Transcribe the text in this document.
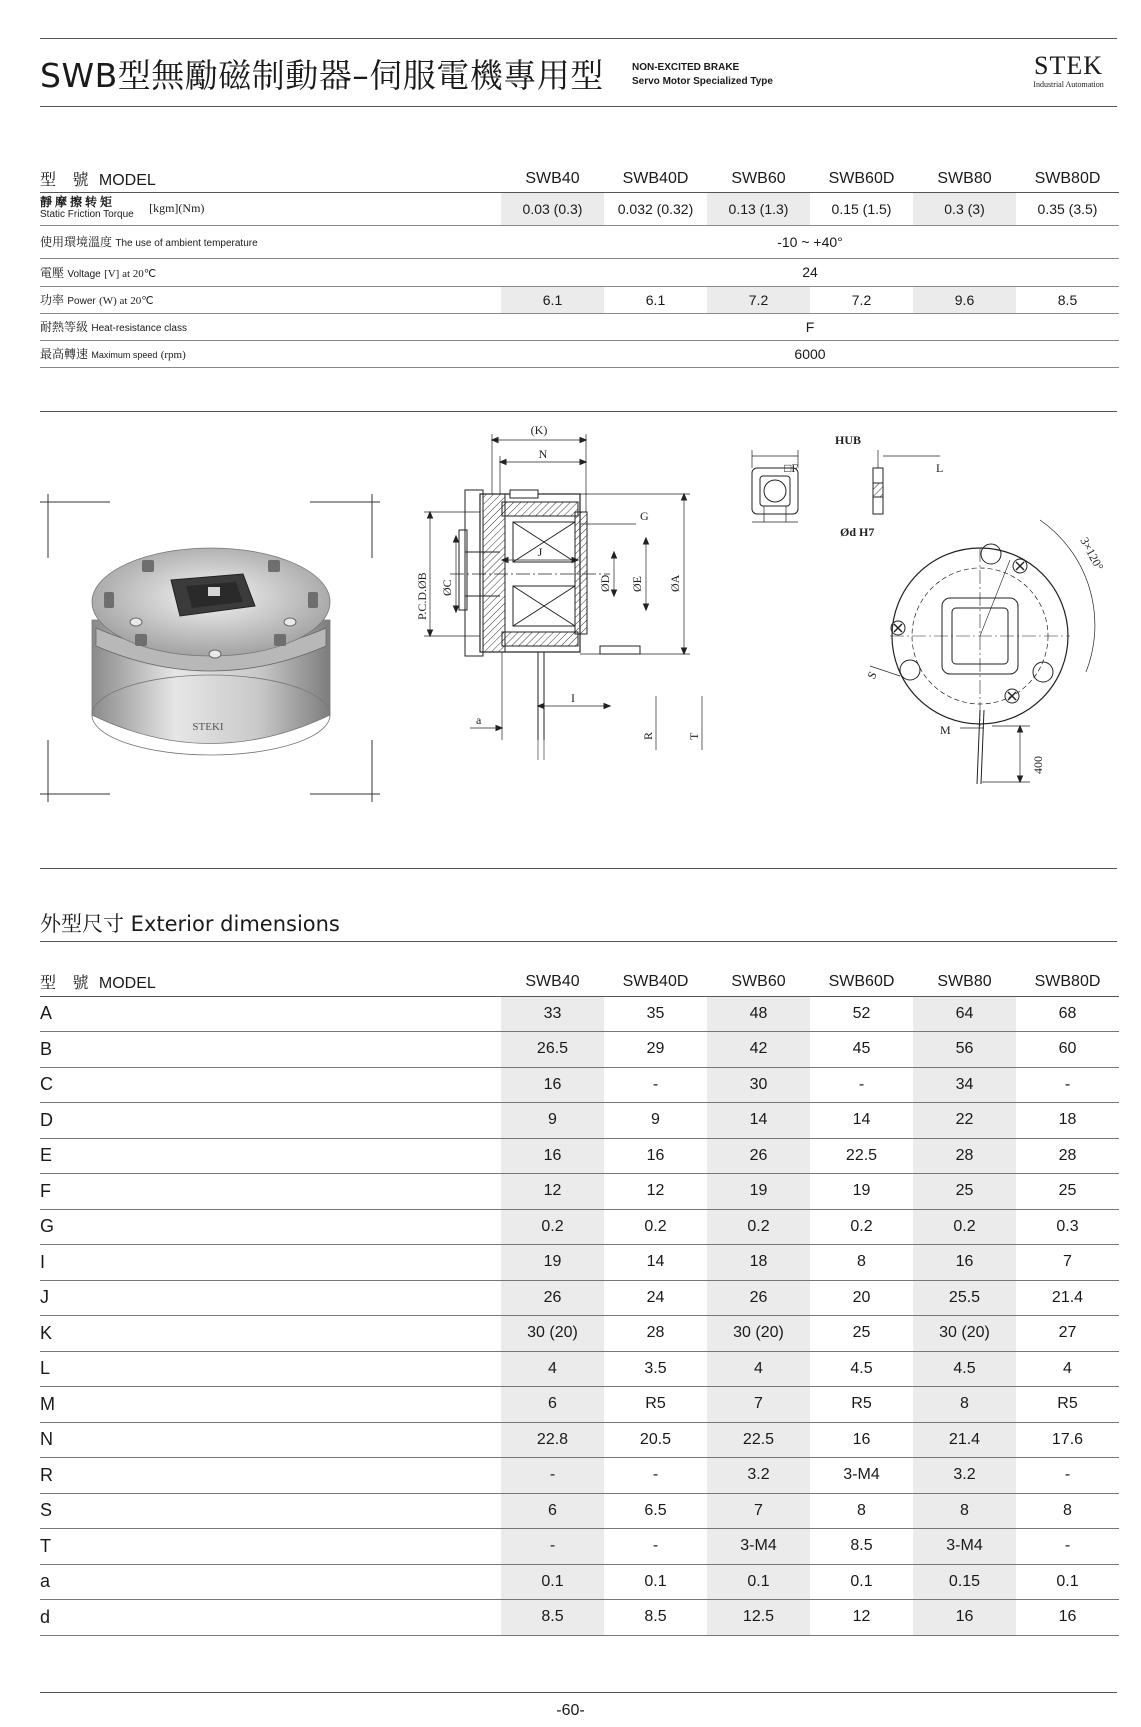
SWB型無勵磁制動器–伺服電機專用型	NON-EXCITED BRAKE
Servo Motor Specialized Type
STEK
Industrial Automation
型 號 MODEL	SWB40	SWB40D	SWB60	SWB60D	SWB80	SWB80D

靜摩擦转矩
Static Friction Torque [kgm](Nm)	0.03 (0.3)	0.032 (0.32)	0.13 (1.3)	0.15 (1.5)	0.3 (3)	0.35 (3.5)
使用環境溫度 The use of ambient temperature	-10 ~ +40°					
電壓 Voltage [V] at 20℃	24					
功率 Power (W) at 20℃	6.1	6.1	7.2	7.2	9.6	8.5
耐熱等級 Heat-resistance class	F					
最高轉速 Maximum speed (rpm)	6000					
STEKI
(K)
N
G
J
P.C.D.ØB ØC	ØD ØE ØA
I
a
R	T
HUB
□F	L
Ød H7
3×120°
S
M
400
外型尺寸 Exterior dimensions
型 號 MODEL	SWB40	SWB40D	SWB60	SWB60D	SWB80	SWB80D
A	33	35	48	52	64	68
B	26.5	29	42	45	56	60
C	16	-	30	-	34	-
D	9	9	14	14	22	18
E	16	16	26	22.5	28	28
F	12	12	19	19	25	25
G	0.2	0.2	0.2	0.2	0.2	0.3
I	19	14	18	8	16	7
J	26	24	26	20	25.5	21.4
K	30 (20)	28	30 (20)	25	30 (20)	27
L	4	3.5	4	4.5	4.5	4
M	6	R5	7	R5	8	R5
N	22.8	20.5	22.5	16	21.4	17.6
R	-	-	3.2	3-M4	3.2	-
S	6	6.5	7	8	8	8
T	-	-	3-M4	8.5	3-M4	-
a	0.1	0.1	0.1	0.1	0.15	0.1
d	8.5	8.5	12.5	12	16	16
-60-
